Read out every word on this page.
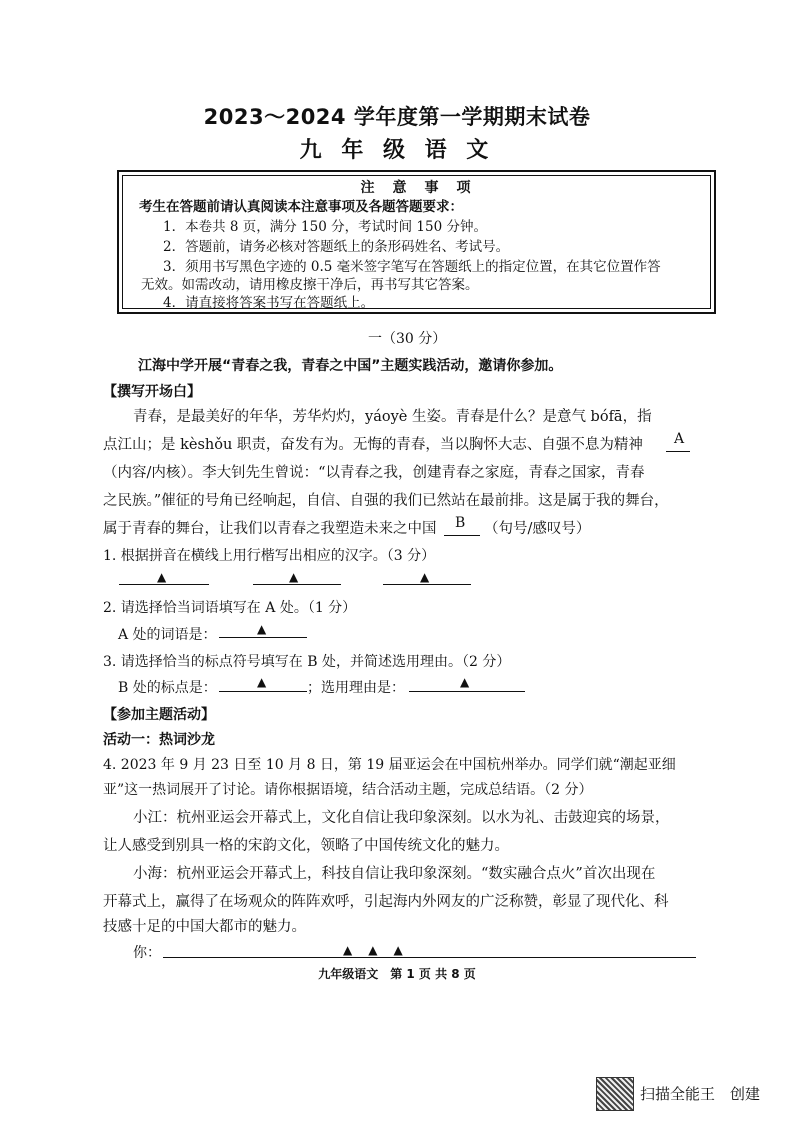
2023～2024 学年度第一学期期末试卷
九 年 级 语 文
注　意　事　项
考生在答题前请认真阅读本注意事项及各题答题要求：
1．本卷共 8 页，满分 150 分，考试时间 150 分钟。
2．答题前，请务必核对答题纸上的条形码姓名、考试号。
3．须用书写黑色字迹的 0.5 毫米签字笔写在答题纸上的指定位置，在其它位置作答
无效。如需改动，请用橡皮擦干净后，再书写其它答案。
4．请直接将答案书写在答题纸上。
一（30 分）
江海中学开展“青春之我，青春之中国”主题实践活动，邀请你参加。
【撰写开场白】
青春，是最美好的年华，芳华灼灼，yáoyè 生姿。青春是什么？是意气 bófā，指
点江山；是 kèshǒu 职责，奋发有为。无悔的青春，当以胸怀大志、自强不息为精神 A
（内容/内核）。李大钊先生曾说：“以青春之我，创建青春之家庭，青春之国家，青春
之民族。”催征的号角已经响起，自信、自强的我们已然站在最前排。这是属于我的舞台，
属于青春的舞台，让我们以青春之我塑造未来之中国 B （句号/感叹号）
1. 根据拼音在横线上用行楷写出相应的汉字。（3 分）
▲	▲	▲
2. 请选择恰当词语填写在 A 处。（1 分）
A 处的词语是：	▲
3. 请选择恰当的标点符号填写在 B 处，并简述选用理由。（2 分）
B 处的标点是：	▲	；选用理由是：	▲
【参加主题活动】
活动一：热词沙龙
4. 2023 年 9 月 23 日至 10 月 8 日，第 19 届亚运会在中国杭州举办。同学们就“潮起亚细
亚”这一热词展开了讨论。请你根据语境，结合活动主题，完成总结语。（2 分）
小江：杭州亚运会开幕式上，文化自信让我印象深刻。以水为礼、击鼓迎宾的场景，
让人感受到别具一格的宋韵文化，领略了中国传统文化的魅力。
小海：杭州亚运会开幕式上，科技自信让我印象深刻。“数实融合点火”首次出现在
开幕式上，赢得了在场观众的阵阵欢呼，引起海内外网友的广泛称赞，彰显了现代化、科
技感十足的中国大都市的魅力。
你：	▲　▲　▲
九年级语文　第 1 页 共 8 页
扫描全能王　创建
